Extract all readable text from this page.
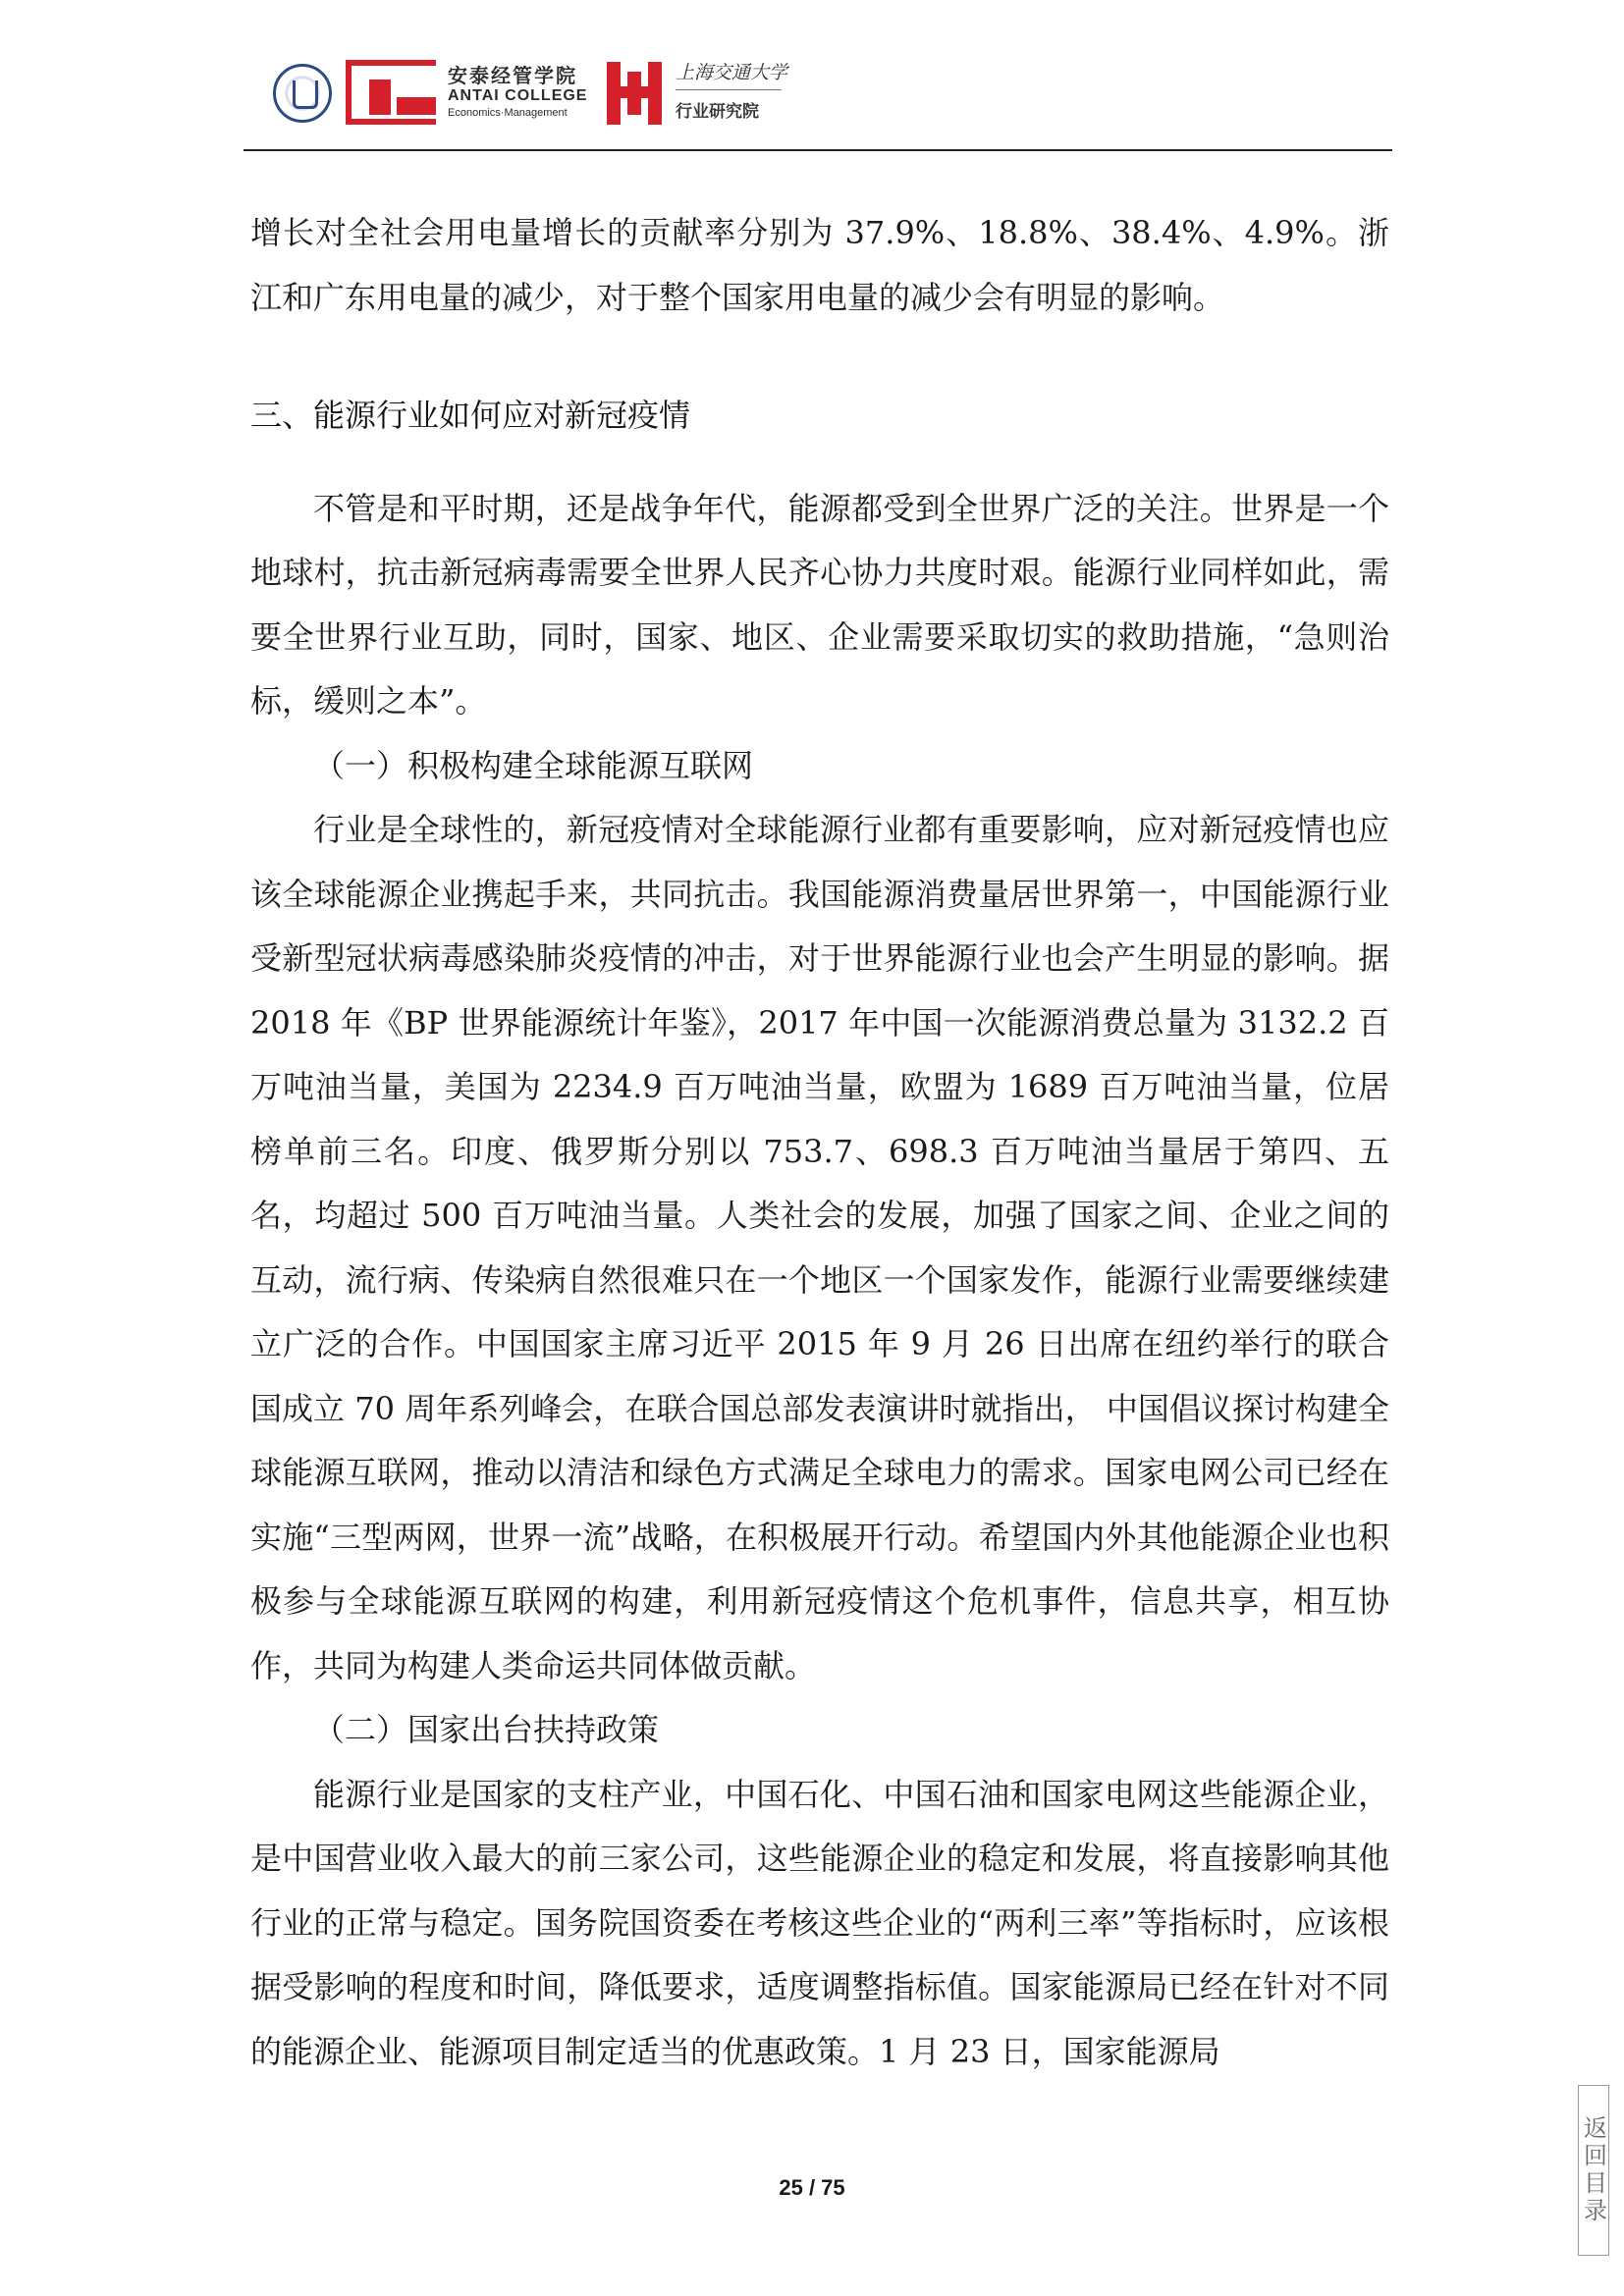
安泰经管学院

ANTAI COLLEGE

Economics·Management

上海交通大学

行业研究院

增长对全社会用电量增长的贡献率分别为 37.9%、18.8%、38.4%、4.9%。浙江和广东用电量的减少，对于整个国家用电量的减少会有明显的影响。

三、能源行业如何应对新冠疫情

不管是和平时期，还是战争年代，能源都受到全世界广泛的关注。世界是一个地球村，抗击新冠病毒需要全世界人民齐心协力共度时艰。能源行业同样如此，需要全世界行业互助，同时，国家、地区、企业需要采取切实的救助措施，“急则治标，缓则之本”。

（一）积极构建全球能源互联网

行业是全球性的，新冠疫情对全球能源行业都有重要影响，应对新冠疫情也应该全球能源企业携起手来，共同抗击。我国能源消费量居世界第一，中国能源行业受新型冠状病毒感染肺炎疫情的冲击，对于世界能源行业也会产生明显的影响。据 2018 年《BP 世界能源统计年鉴》，2017 年中国一次能源消费总量为 3132.2 百万吨油当量，美国为 2234.9 百万吨油当量，欧盟为 1689 百万吨油当量，位居榜单前三名。印度、俄罗斯分别以 753.7、698.3 百万吨油当量居于第四、五名，均超过 500 百万吨油当量。人类社会的发展，加强了国家之间、企业之间的互动，流行病、传染病自然很难只在一个地区一个国家发作，能源行业需要继续建立广泛的合作。中国国家主席习近平 2015 年 9 月 26 日出席在纽约举行的联合国成立 70 周年系列峰会，在联合国总部发表演讲时就指出， 中国倡议探讨构建全球能源互联网，推动以清洁和绿色方式满足全球电力的需求。国家电网公司已经在实施“三型两网，世界一流”战略，在积极展开行动。希望国内外其他能源企业也积极参与全球能源互联网的构建，利用新冠疫情这个危机事件，信息共享，相互协作，共同为构建人类命运共同体做贡献。

（二）国家出台扶持政策

能源行业是国家的支柱产业，中国石化、中国石油和国家电网这些能源企业，是中国营业收入最大的前三家公司，这些能源企业的稳定和发展，将直接影响其他行业的正常与稳定。国务院国资委在考核这些企业的“两利三率”等指标时，应该根据受影响的程度和时间，降低要求，适度调整指标值。国家能源局已经在针对不同的能源企业、能源项目制定适当的优惠政策。1 月 23 日，国家能源局

25 / 75	返回目录
